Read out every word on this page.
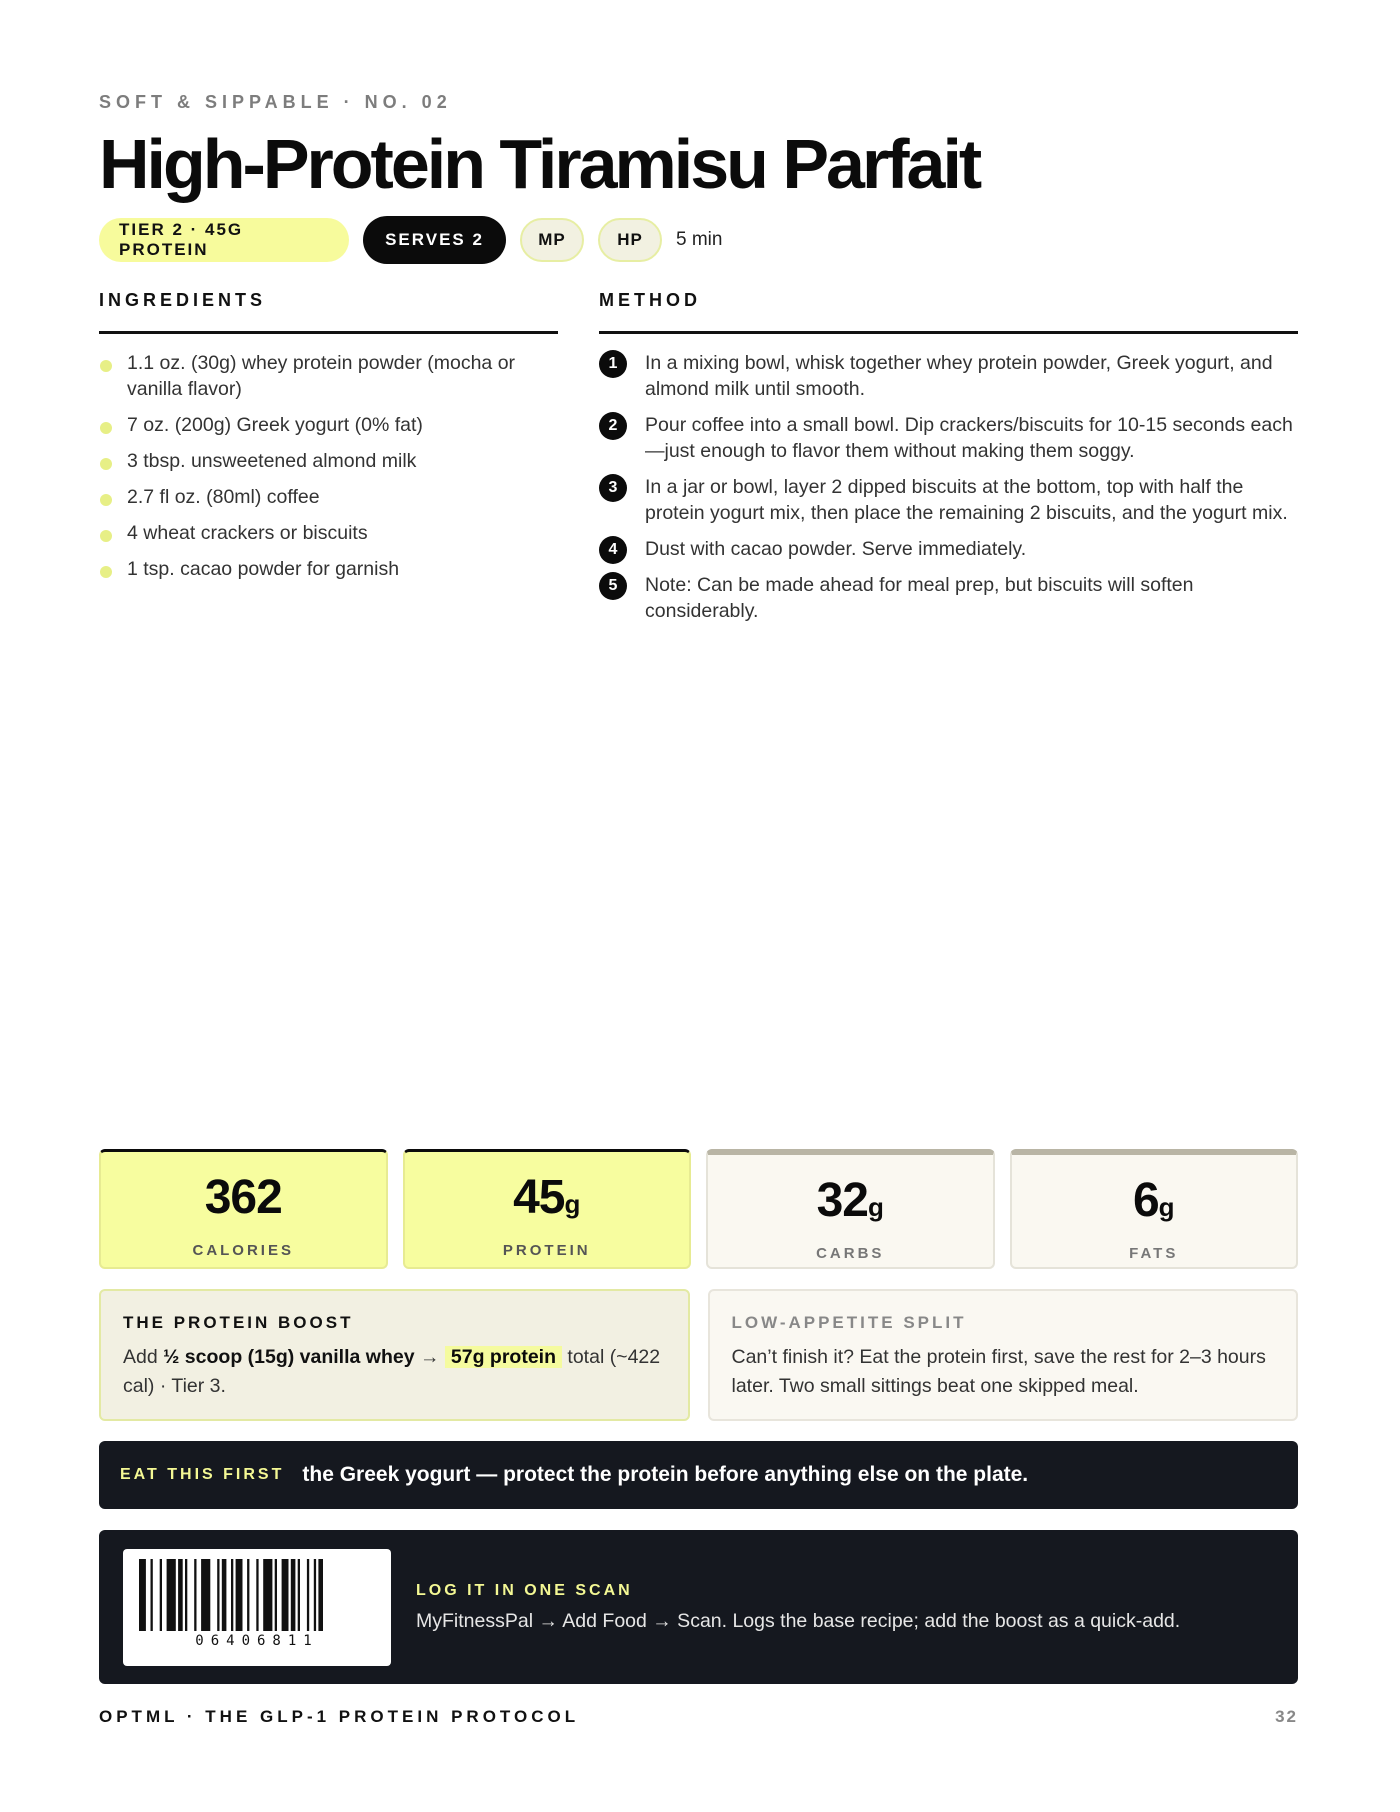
SOFT & SIPPABLE · NO. 02
High-Protein Tiramisu Parfait
TIER 2 · 45G PROTEIN
SERVES 2	MP	HP	5 min
INGREDIENTS
1.1 oz. (30g) whey protein powder (mocha or vanilla flavor)
7 oz. (200g) Greek yogurt (0% fat)
3 tbsp. unsweetened almond milk
2.7 fl oz. (80ml) coffee
4 wheat crackers or biscuits
1 tsp. cacao powder for garnish
METHOD
1	In a mixing bowl, whisk together whey protein powder, Greek yogurt, and almond milk until smooth.
2	Pour coffee into a small bowl. Dip crackers/biscuits for 10-15 seconds each—just enough to flavor them without making them soggy.
3	In a jar or bowl, layer 2 dipped biscuits at the bottom, top with half the protein yogurt mix, then place the remaining 2 biscuits, and the yogurt mix.
4	Dust with cacao powder. Serve immediately.
5	Note: Can be made ahead for meal prep, but biscuits will soften considerably.
362
CALORIES
45g
PROTEIN
32g
CARBS
6g
FATS
THE PROTEIN BOOST
Add ½ scoop (15g) vanilla whey → 57g protein total (~422 cal) · Tier 3.
LOW-APPETITE SPLIT
Can’t finish it? Eat the protein first, save the rest for 2–3 hours later. Two small sittings beat one skipped meal.
EAT THIS FIRST the Greek yogurt — protect the protein before anything else on the plate.
06406811
LOG IT IN ONE SCAN
MyFitnessPal → Add Food → Scan. Logs the base recipe; add the boost as a quick-add.
OPTML · THE GLP-1 PROTEIN PROTOCOL	32
